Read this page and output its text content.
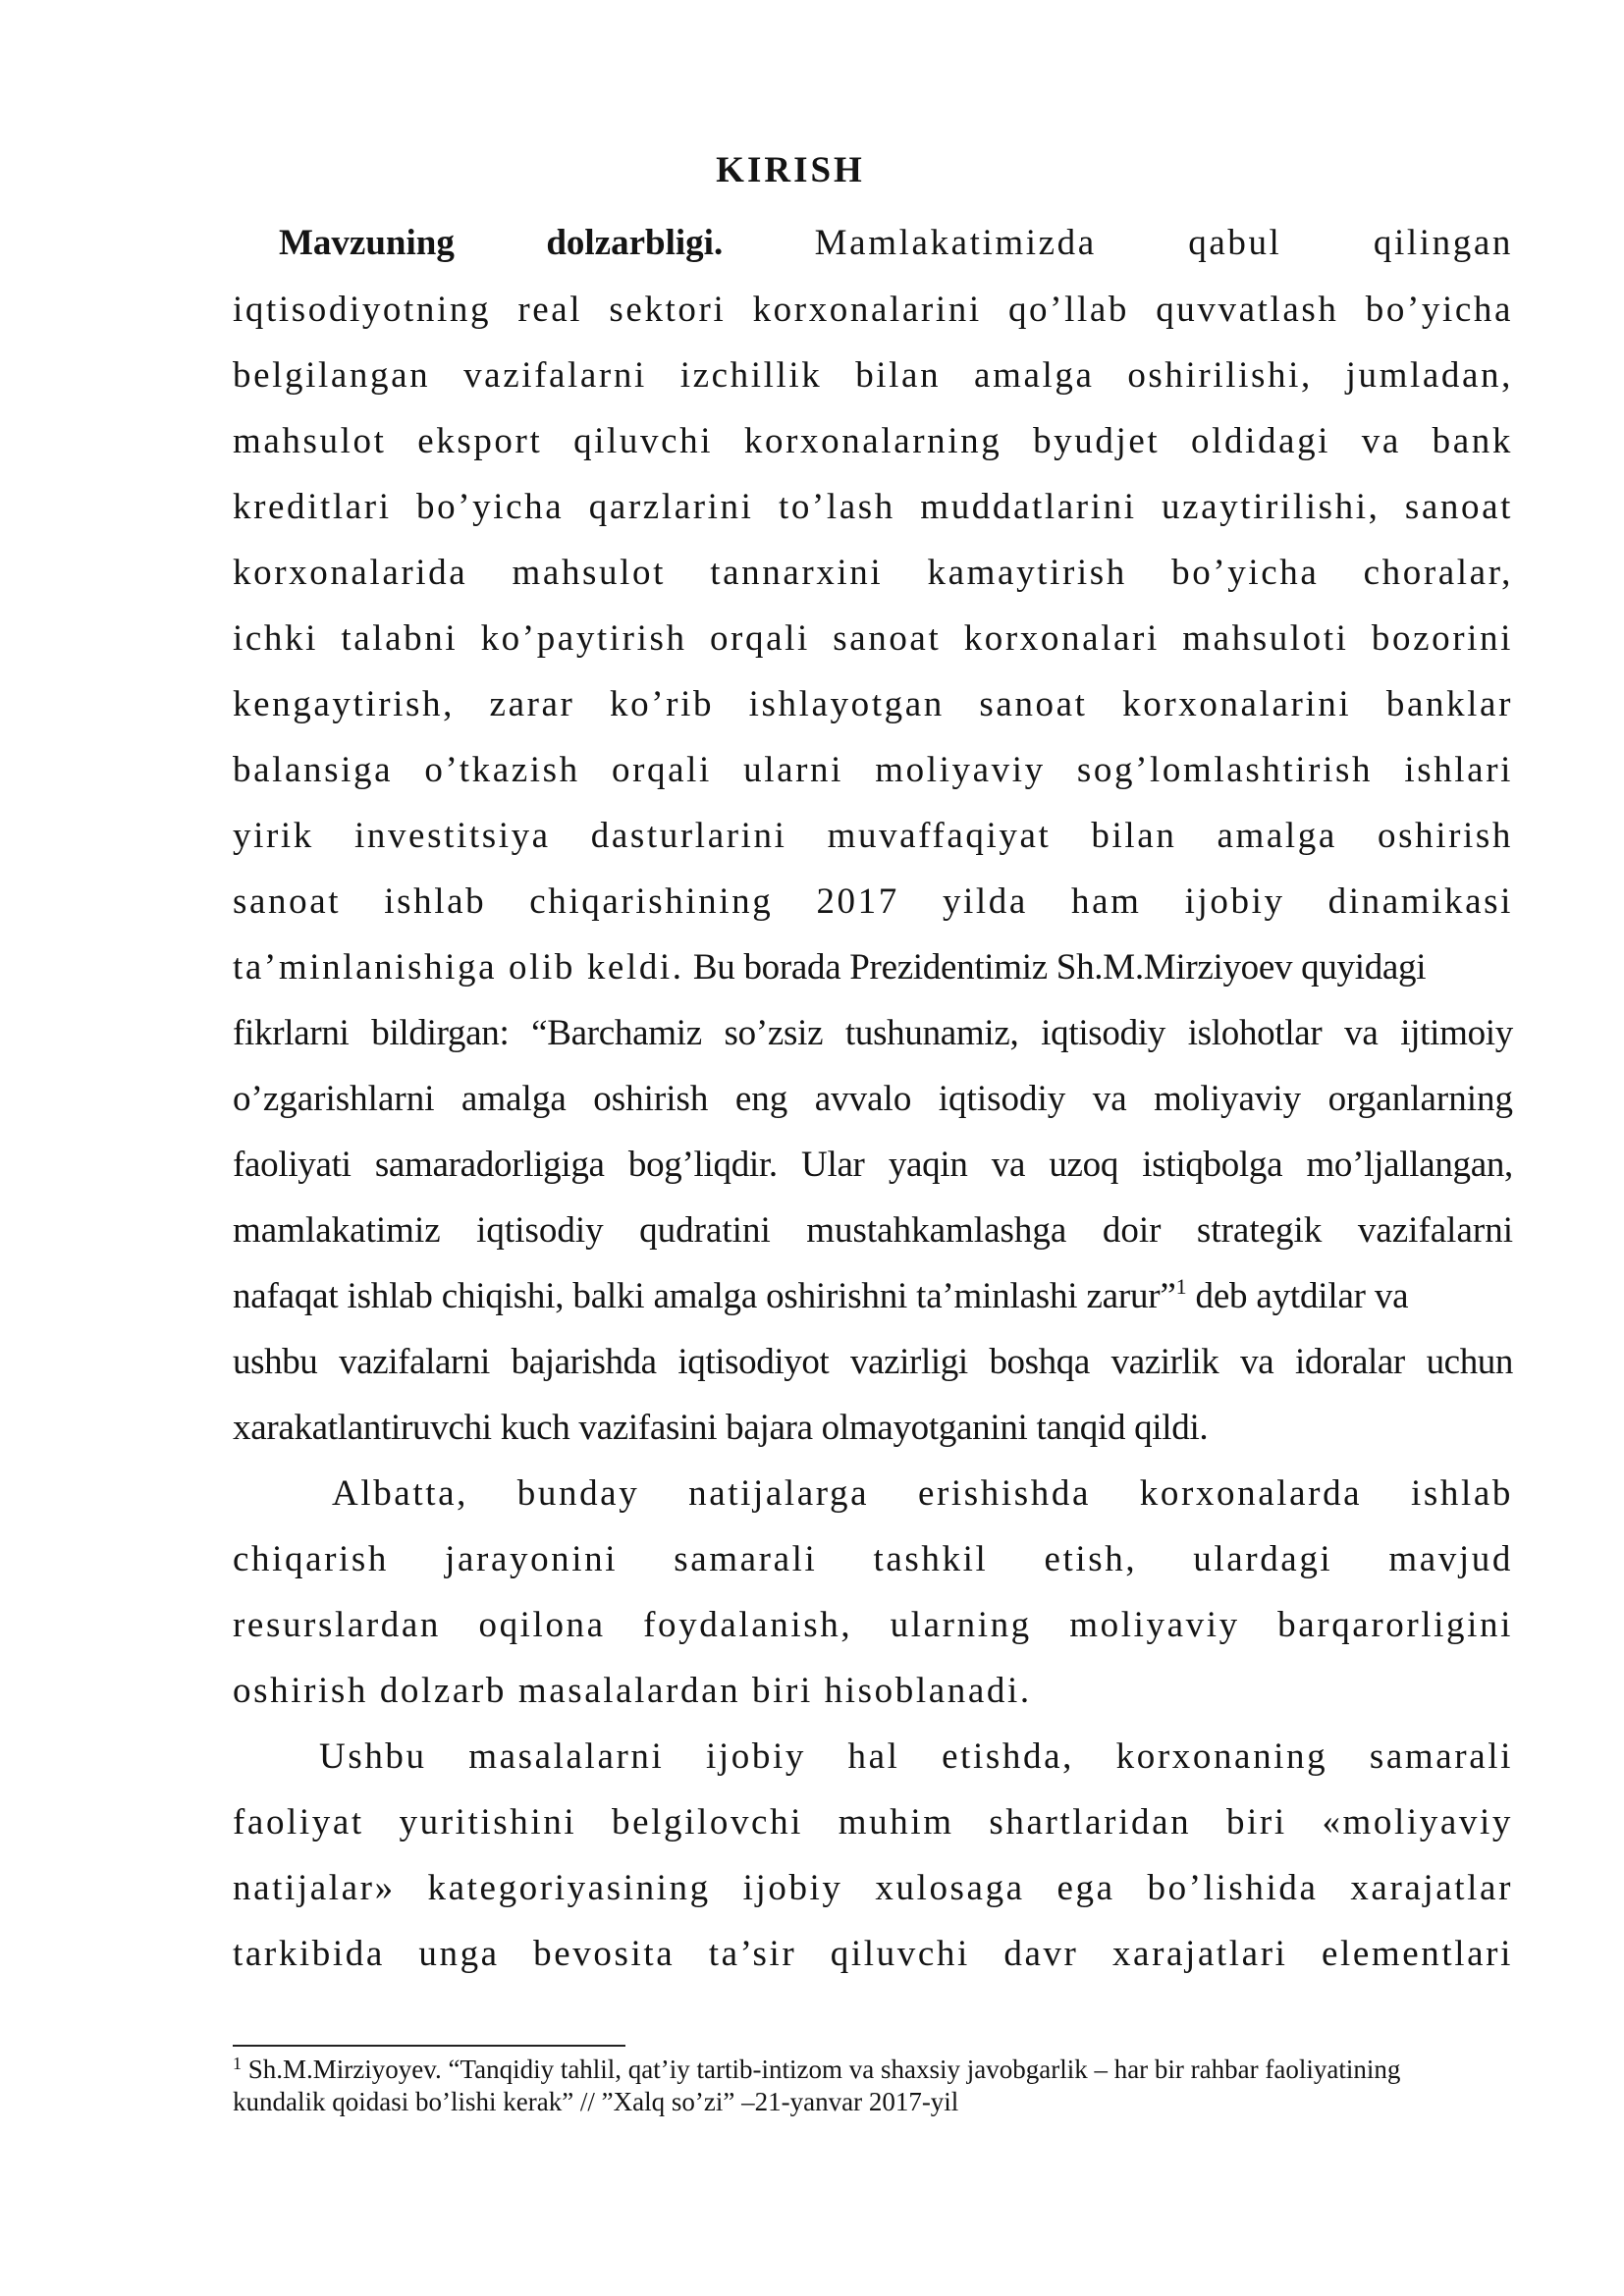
KIRISH
Mavzuning	dolzarbligi.	Mamlakatimizda	qabul	qilingan
iqtisodiyotning real sektori korxonalarini qo’llab quvvatlash bo’yicha
belgilangan vazifalarni izchillik bilan amalga oshirilishi, jumladan,
mahsulot eksport qiluvchi korxonalarning byudjet oldidagi va bank
kreditlari bo’yicha qarzlarini to’lash muddatlarini uzaytirilishi, sanoat
korxonalarida mahsulot tannarxini kamaytirish bo’yicha choralar,
ichki talabni ko’paytirish orqali sanoat korxonalari mahsuloti bozorini
kengaytirish, zarar ko’rib ishlayotgan sanoat korxonalarini banklar
balansiga o’tkazish orqali ularni moliyaviy sog’lomlashtirish ishlari
yirik investitsiya dasturlarini muvaffaqiyat bilan amalga oshirish
sanoat ishlab chiqarishining 2017 yilda ham ijobiy dinamikasi
ta’minlanishiga olib keldi. Bu borada Prezidentimiz Sh.M.Mirziyoev quyidagi
fikrlarni bildirgan: “Barchamiz so’zsiz tushunamiz, iqtisodiy islohotlar va ijtimoiy
o’zgarishlarni amalga oshirish eng avvalo iqtisodiy va moliyaviy organlarning
faoliyati samaradorligiga bog’liqdir. Ular yaqin va uzoq istiqbolga mo’ljallangan,
mamlakatimiz iqtisodiy qudratini mustahkamlashga doir strategik vazifalarni
nafaqat ishlab chiqishi, balki amalga oshirishni ta’minlashi zarur”$^1$ deb aytdilar va
ushbu vazifalarni bajarishda iqtisodiyot vazirligi boshqa vazirlik va idoralar uchun
xarakatlantiruvchi kuch vazifasini bajara olmayotganini tanqid qildi.
Albatta, bunday natijalarga erishishda korxonalarda ishlab
chiqarish jarayonini samarali tashkil etish, ulardagi mavjud
resurslardan oqilona foydalanish, ularning moliyaviy barqarorligini
oshirish dolzarb masalalardan biri hisoblanadi.
Ushbu masalalarni ijobiy hal etishda, korxonaning samarali
faoliyat yuritishini belgilovchi muhim shartlaridan biri «moliyaviy
natijalar» kategoriyasining ijobiy xulosaga ega bo’lishida xarajatlar
tarkibida unga bevosita ta’sir qiluvchi davr xarajatlari elementlari
$^1$ Sh.M.Mirziyoyev. “Tanqidiy tahlil, qat’iy tartib-intizom va shaxsiy javobgarlik – har bir rahbar faoliyatining
kundalik qoidasi bo’lishi kerak” // ”Xalq so’zi” –21-yanvar 2017-yil
